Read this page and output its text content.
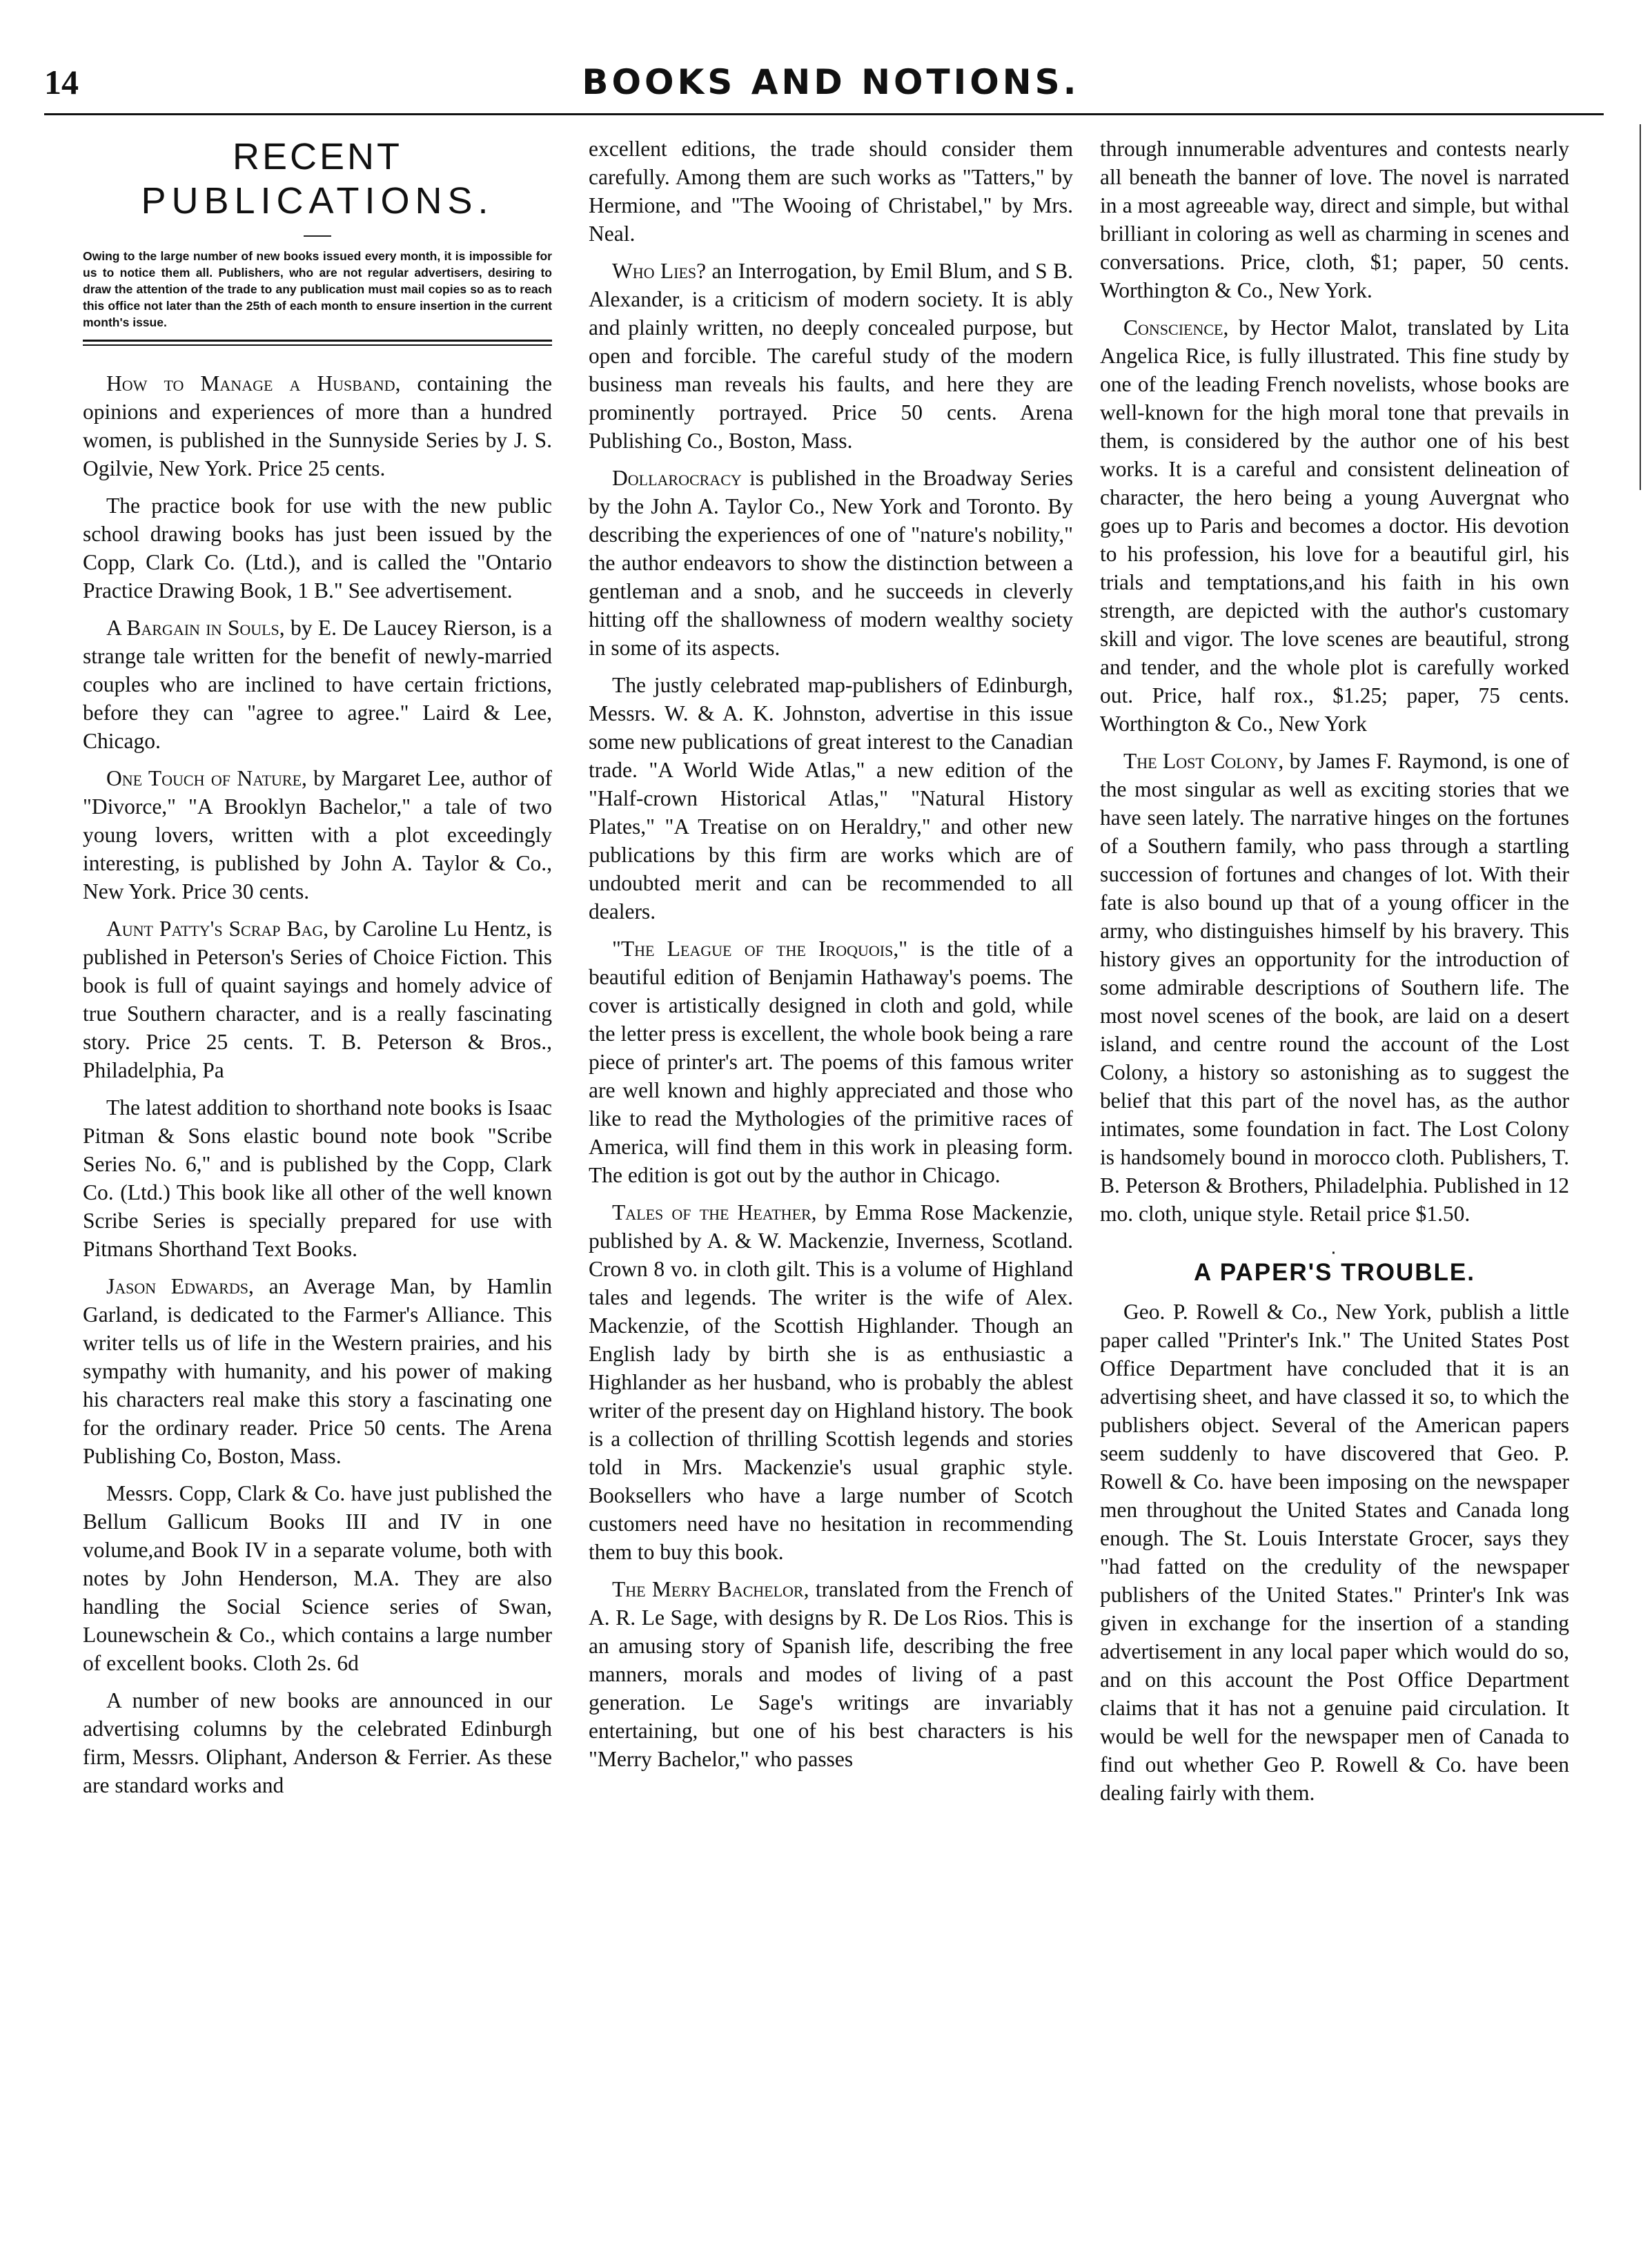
BOOKS AND NOTIONS.
14
RECENT
PUBLICATIONS.

Owing to the large number of new books issued every month, it is impossible for us to notice them all. Publishers, who are not regular advertisers, desiring to draw the attention of the trade to any publication must mail copies so as to reach this office not later than the 25th of each month to ensure insertion in the current month's issue.

How to Manage a Husband, containing the opinions and experiences of more than a hundred women, is published in the Sunnyside Series by J. S. Ogilvie, New York. Price 25 cents.

The practice book for use with the new public school drawing books has just been issued by the Copp, Clark Co. (Ltd.), and is called the "Ontario Practice Drawing Book, 1 B." See advertisement.

A Bargain in Souls, by E. De Laucey Rierson, is a strange tale written for the benefit of newly-married couples who are inclined to have certain frictions, before they can "agree to agree." Laird & Lee, Chicago.

One Touch of Nature, by Margaret Lee, author of "Divorce," "A Brooklyn Bachelor," a tale of two young lovers, written with a plot exceedingly interesting, is published by John A. Taylor & Co., New York. Price 30 cents.

Aunt Patty's Scrap Bag, by Caroline Lu Hentz, is published in Peterson's Series of Choice Fiction. This book is full of quaint sayings and homely advice of true Southern character, and is a really fascinating story. Price 25 cents. T. B. Peterson & Bros., Philadelphia, Pa

The latest addition to shorthand note books is Isaac Pitman & Sons elastic bound note book "Scribe Series No. 6," and is published by the Copp, Clark Co. (Ltd.) This book like all other of the well known Scribe Series is specially prepared for use with Pitmans Shorthand Text Books.

Jason Edwards, an Average Man, by Hamlin Garland, is dedicated to the Farmer's Alliance. This writer tells us of life in the Western prairies, and his sympathy with humanity, and his power of making his characters real make this story a fascinating one for the ordinary reader. Price 50 cents. The Arena Publishing Co, Boston, Mass.

Messrs. Copp, Clark & Co. have just published the Bellum Gallicum Books III and IV in one volume,and Book IV in a separate volume, both with notes by John Henderson, M.A. They are also handling the Social Science series of Swan, Lounewschein & Co., which contains a large number of excellent books. Cloth 2s. 6d

A number of new books are announced in our advertising columns by the celebrated Edinburgh firm, Messrs. Oliphant, Anderson & Ferrier. As these are standard works and

excellent editions, the trade should consider them carefully. Among them are such works as "Tatters," by Hermione, and "The Wooing of Christabel," by Mrs. Neal.

Who Lies? an Interrogation, by Emil Blum, and S B. Alexander, is a criticism of modern society. It is ably and plainly written, no deeply concealed purpose, but open and forcible. The careful study of the modern business man reveals his faults, and here they are prominently portrayed. Price 50 cents. Arena Publishing Co., Boston, Mass.

Dollarocracy is published in the Broadway Series by the John A. Taylor Co., New York and Toronto. By describing the experiences of one of "nature's nobility," the author endeavors to show the distinction between a gentleman and a snob, and he succeeds in cleverly hitting off the shallowness of modern wealthy society in some of its aspects.

The justly celebrated map-publishers of Edinburgh, Messrs. W. & A. K. Johnston, advertise in this issue some new publications of great interest to the Canadian trade. "A World Wide Atlas," a new edition of the "Half-crown Historical Atlas," "Natural History Plates," "A Treatise on on Heraldry," and other new publications by this firm are works which are of undoubted merit and can be recommended to all dealers.

"The League of the Iroquois," is the title of a beautiful edition of Benjamin Hathaway's poems. The cover is artistically designed in cloth and gold, while the letter press is excellent, the whole book being a rare piece of printer's art. The poems of this famous writer are well known and highly appreciated and those who like to read the Mythologies of the primitive races of America, will find them in this work in pleasing form. The edition is got out by the author in Chicago.

Tales of the Heather, by Emma Rose Mackenzie, published by A. & W. Mackenzie, Inverness, Scotland. Crown 8 vo. in cloth gilt. This is a volume of Highland tales and legends. The writer is the wife of Alex. Mackenzie, of the Scottish Highlander. Though an English lady by birth she is as enthusiastic a Highlander as her husband, who is probably the ablest writer of the present day on Highland history. The book is a collection of thrilling Scottish legends and stories told in Mrs. Mackenzie's usual graphic style. Booksellers who have a large number of Scotch customers need have no hesitation in recommending them to buy this book.

The Merry Bachelor, translated from the French of A. R. Le Sage, with designs by R. De Los Rios. This is an amusing story of Spanish life, describing the free manners, morals and modes of living of a past generation. Le Sage's writings are invariably entertaining, but one of his best characters is his "Merry Bachelor," who passes

through innumerable adventures and contests nearly all beneath the banner of love. The novel is narrated in a most agreeable way, direct and simple, but withal brilliant in coloring as well as charming in scenes and conversations. Price, cloth, $1; paper, 50 cents. Worthington & Co., New York.

Conscience, by Hector Malot, translated by Lita Angelica Rice, is fully illustrated. This fine study by one of the leading French novelists, whose books are well-known for the high moral tone that prevails in them, is considered by the author one of his best works. It is a careful and consistent delineation of character, the hero being a young Auvergnat who goes up to Paris and becomes a doctor. His devotion to his profession, his love for a beautiful girl, his trials and temptations,and his faith in his own strength, are depicted with the author's customary skill and vigor. The love scenes are beautiful, strong and tender, and the whole plot is carefully worked out. Price, half rox., $1.25; paper, 75 cents. Worthington & Co., New York

The Lost Colony, by James F. Raymond, is one of the most singular as well as exciting stories that we have seen lately. The narrative hinges on the fortunes of a Southern family, who pass through a startling succession of fortunes and changes of lot. With their fate is also bound up that of a young officer in the army, who distinguishes himself by his bravery. This history gives an opportunity for the introduction of some admirable descriptions of Southern life. The most novel scenes of the book, are laid on a desert island, and centre round the account of the Lost Colony, a history so astonishing as to suggest the belief that this part of the novel has, as the author intimates, some foundation in fact. The Lost Colony is handsomely bound in morocco cloth. Publishers, T. B. Peterson & Brothers, Philadelphia. Published in 12 mo. cloth, unique style. Retail price $1.50.

·
A PAPER'S TROUBLE.

Geo. P. Rowell & Co., New York, publish a little paper called "Printer's Ink." The United States Post Office Department have concluded that it is an advertising sheet, and have classed it so, to which the publishers object. Several of the American papers seem suddenly to have discovered that Geo. P. Rowell & Co. have been imposing on the newspaper men throughout the United States and Canada long enough. The St. Louis Interstate Grocer, says they "had fatted on the credulity of the newspaper publishers of the United States." Printer's Ink was given in exchange for the insertion of a standing advertisement in any local paper which would do so, and on this account the Post Office Department claims that it has not a genuine paid circulation. It would be well for the newspaper men of Canada to find out whether Geo P. Rowell & Co. have been dealing fairly with them.
